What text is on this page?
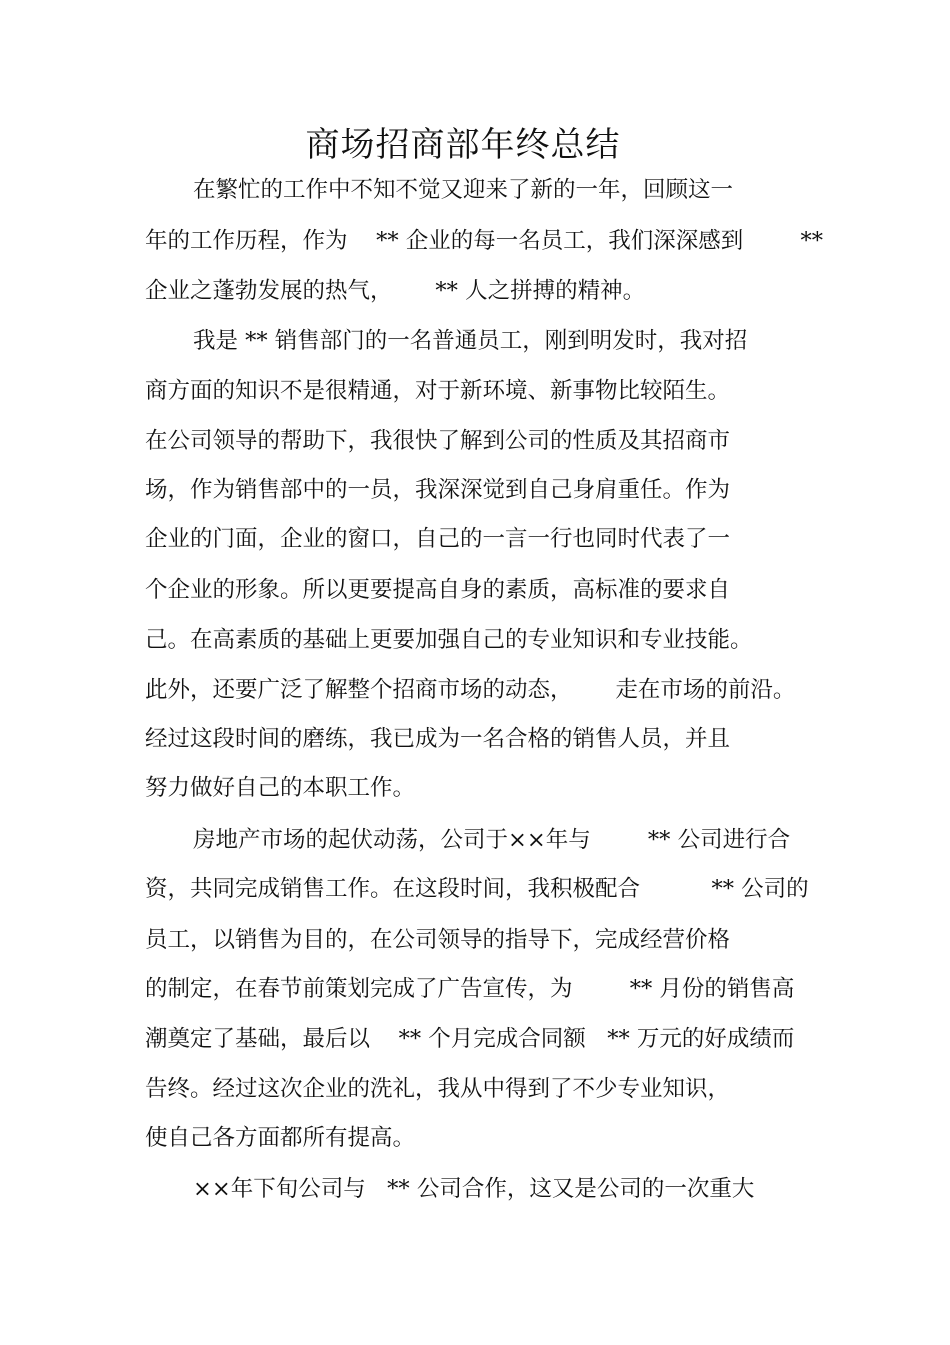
商场招商部年终总结

在繁忙的工作中不知不觉又迎来了新的一年，回顾这一

年的工作历程，作为    ** 企业的每一名员工，我们深深感到        **

企业之蓬勃发展的热气，      ** 人之拼搏的精神。

我是 ** 销售部门的一名普通员工，刚到明发时，我对招

商方面的知识不是很精通，对于新环境、新事物比较陌生。

在公司领导的帮助下，我很快了解到公司的性质及其招商市

场，作为销售部中的一员，我深深觉到自己身肩重任。作为

企业的门面，企业的窗口，自己的一言一行也同时代表了一

个企业的形象。所以更要提高自身的素质，高标准的要求自

己。在高素质的基础上更要加强自己的专业知识和专业技能。

此外，还要广泛了解整个招商市场的动态，      走在市场的前沿。

经过这段时间的磨练，我已成为一名合格的销售人员，并且

努力做好自己的本职工作。

房地产市场的起伏动荡，公司于××年与        ** 公司进行合

资，共同完成销售工作。在这段时间，我积极配合          ** 公司的

员工，以销售为目的，在公司领导的指导下，完成经营价格

的制定，在春节前策划完成了广告宣传，为        ** 月份的销售高

潮奠定了基础，最后以    ** 个月完成合同额   ** 万元的好成绩而

告终。经过这次企业的洗礼，我从中得到了不少专业知识，

使自己各方面都所有提高。

××年下旬公司与   ** 公司合作，这又是公司的一次重大
